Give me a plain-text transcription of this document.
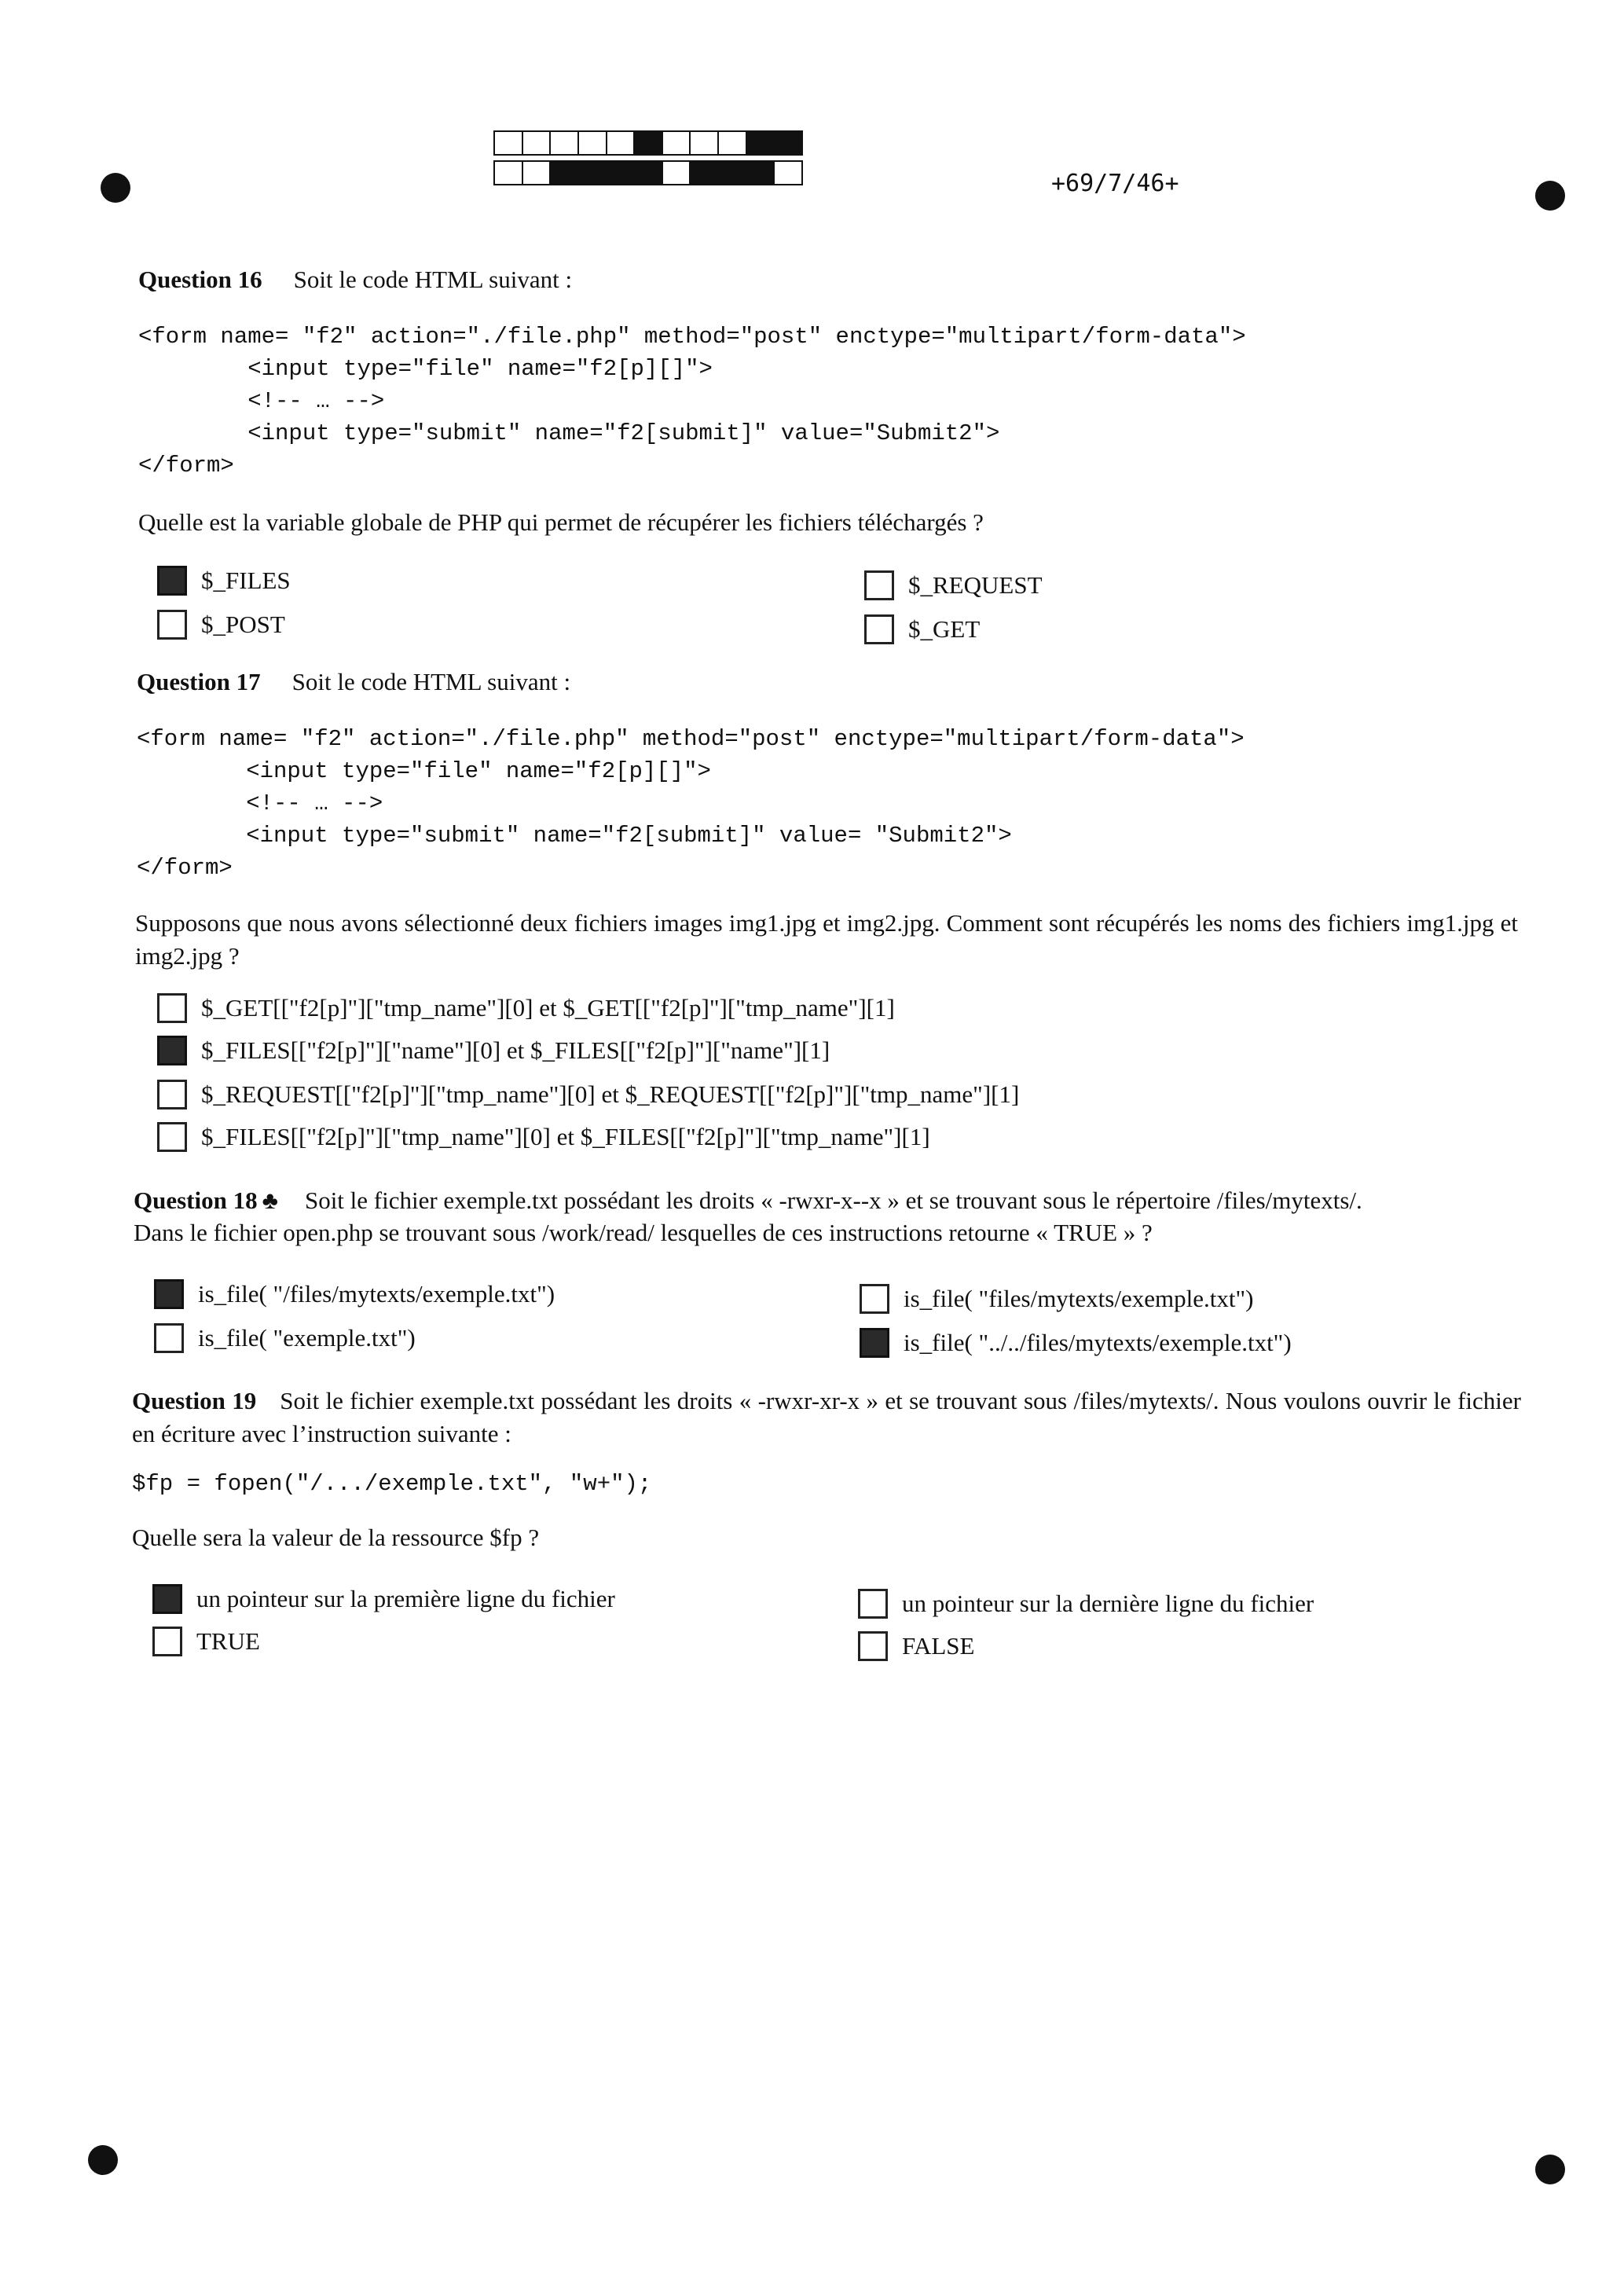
+69/7/46+
Question 16 Soit le code HTML suivant :
<form name= "f2" action="./file.php" method="post" enctype="multipart/form-data">
<input type="file" name="f2[p][]">
<!-- … -->
<input type="submit" name="f2[submit]" value="Submit2">
</form>
Quelle est la variable globale de PHP qui permet de récupérer les fichiers téléchargés ?
$_FILES
$_POST
$_REQUEST
$_GET
Question 17 Soit le code HTML suivant :
<form name= "f2" action="./file.php" method="post" enctype="multipart/form-data">
<input type="file" name="f2[p][]">
<!-- … -->
<input type="submit" name="f2[submit]" value= "Submit2">
</form>
Supposons que nous avons sélectionné deux fichiers images img1.jpg et img2.jpg. Comment sont récupérés les noms des fichiers img1.jpg et img2.jpg ?
$_GET[["f2[p]"]["tmp_name"][0] et $_GET[["f2[p]"]["tmp_name"][1]
$_FILES[["f2[p]"]["name"][0] et $_FILES[["f2[p]"]["name"][1]
$_REQUEST[["f2[p]"]["tmp_name"][0] et $_REQUEST[["f2[p]"]["tmp_name"][1]
$_FILES[["f2[p]"]["tmp_name"][0] et $_FILES[["f2[p]"]["tmp_name"][1]
Question 18 ♣ Soit le fichier exemple.txt possédant les droits « -rwxr-x--x » et se trouvant sous le répertoire /files/mytexts/.
Dans le fichier open.php se trouvant sous /work/read/ lesquelles de ces instructions retourne « TRUE » ?
is_file( "/files/mytexts/exemple.txt")
is_file( "exemple.txt")
is_file( "files/mytexts/exemple.txt")
is_file( "../../files/mytexts/exemple.txt")
Question 19 Soit le fichier exemple.txt possédant les droits « -rwxr-xr-x » et se trouvant sous /files/mytexts/. Nous voulons ouvrir le fichier en écriture avec l’instruction suivante :
$fp = fopen("/.../exemple.txt", "w+");
Quelle sera la valeur de la ressource $fp ?
un pointeur sur la première ligne du fichier
TRUE
un pointeur sur la dernière ligne du fichier
FALSE
